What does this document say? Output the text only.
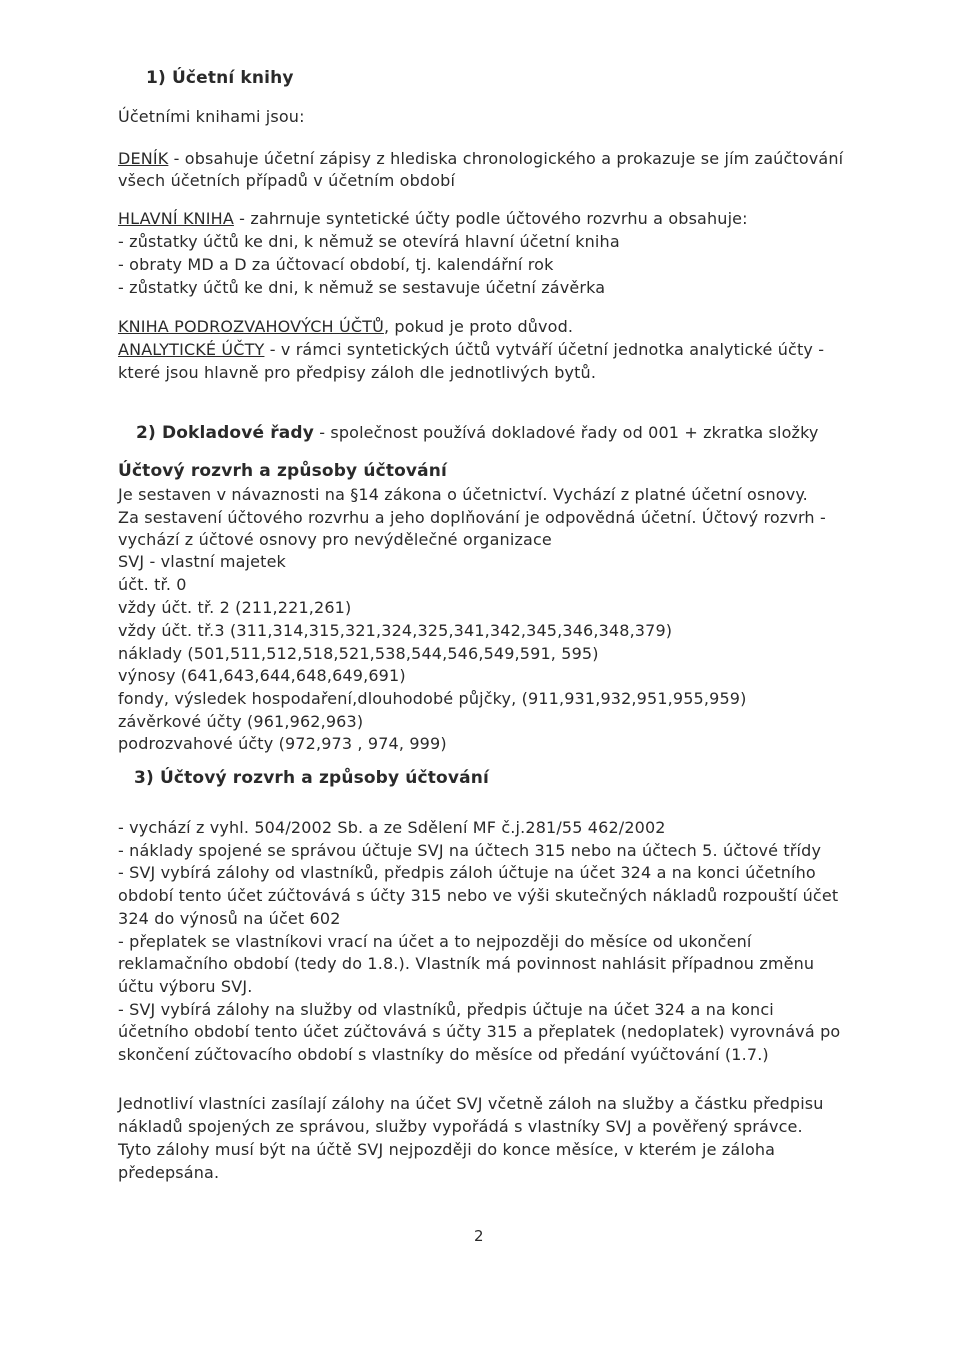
1) Účetní knihy
Účetními knihami jsou:
DENÍK - obsahuje účetní zápisy z hlediska chronologického a prokazuje se jím zaúčtování
všech účetních případů v účetním období
HLAVNÍ KNIHA - zahrnuje syntetické účty podle účtového rozvrhu a obsahuje:
- zůstatky účtů ke dni, k němuž se otevírá hlavní účetní kniha
- obraty MD a D za účtovací období, tj. kalendářní rok
- zůstatky účtů ke dni, k němuž se sestavuje účetní závěrka
KNIHA PODROZVAHOVÝCH ÚČTŮ, pokud je proto důvod.
ANALYTICKÉ ÚČTY - v rámci syntetických účtů vytváří účetní jednotka analytické účty -
které jsou hlavně pro předpisy záloh dle jednotlivých bytů.
2) Dokladové řady - společnost používá dokladové řady od 001 + zkratka složky
Účtový rozvrh a způsoby účtování
Je sestaven v návaznosti na §14 zákona o účetnictví. Vychází z platné účetní osnovy.
Za sestavení účtového rozvrhu a jeho doplňování je odpovědná účetní. Účtový rozvrh -
vychází z účtové osnovy pro nevýdělečné organizace
SVJ - vlastní majetek
účt. tř. 0
vždy účt. tř. 2 (211,221,261)
vždy účt. tř.3 (311,314,315,321,324,325,341,342,345,346,348,379)
náklady (501,511,512,518,521,538,544,546,549,591, 595)
výnosy (641,643,644,648,649,691)
fondy, výsledek hospodaření,dlouhodobé půjčky, (911,931,932,951,955,959)
závěrkové účty (961,962,963)
podrozvahové účty (972,973 , 974, 999)
3) Účtový rozvrh a způsoby účtování
- vychází z vyhl. 504/2002 Sb. a ze Sdělení MF č.j.281/55 462/2002
- náklady spojené se správou účtuje SVJ na účtech 315 nebo na účtech 5. účtové třídy
- SVJ vybírá zálohy od vlastníků, předpis záloh účtuje na účet 324 a na konci účetního
období tento účet zúčtovává s účty 315 nebo ve výši skutečných nákladů rozpouští účet
324 do výnosů na účet 602
- přeplatek se vlastníkovi vrací na účet a to nejpozději do měsíce od ukončení
reklamačního období (tedy do 1.8.). Vlastník má povinnost nahlásit případnou změnu
účtu výboru SVJ.
- SVJ vybírá zálohy na služby od vlastníků, předpis účtuje na účet 324 a na konci
účetního období tento účet zúčtovává s účty 315 a přeplatek (nedoplatek) vyrovnává po
skončení zúčtovacího období s vlastníky do měsíce od předání vyúčtování (1.7.)
Jednotliví vlastníci zasílají zálohy na účet SVJ včetně záloh na služby a částku předpisu
nákladů spojených ze správou, služby vypořádá s vlastníky SVJ a pověřený správce.
Tyto zálohy musí být na účtě SVJ nejpozději do konce měsíce, v kterém je záloha
předepsána.
2
